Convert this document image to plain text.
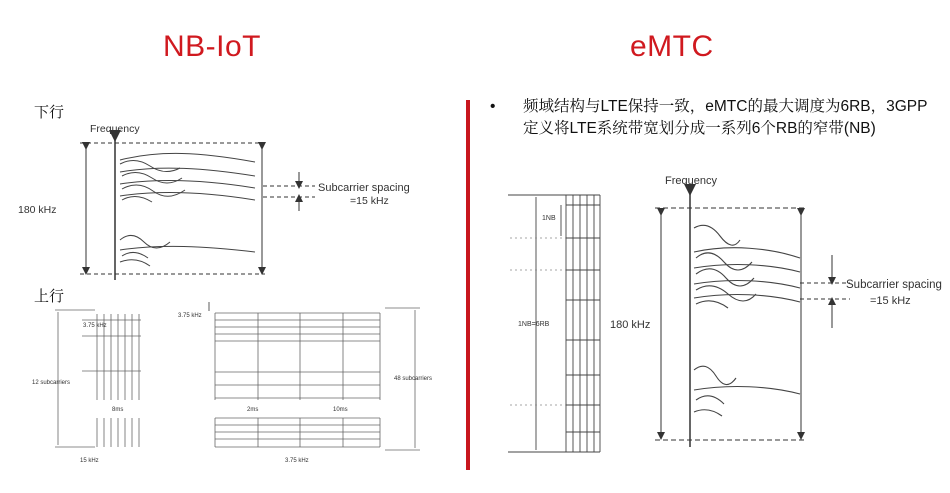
NB-IoT	eMTC
下行
上行
• 频域结构与LTE保持一致，eMTC的最大调度为6RB，3GPP定义将LTE系统带宽划分成一系列6个RB的窄带(NB)
Frequency
180 kHz
Subcarrier spacing
=15 kHz
3.75 kHz
12 subcarriers
15 kHz
8ms
3.75 kHz
48 subcarriers
3.75 kHz
2ms	10ms
1NB
1NB=6RB	180 kHz
Frequency
Subcarrier spacing
=15 kHz
